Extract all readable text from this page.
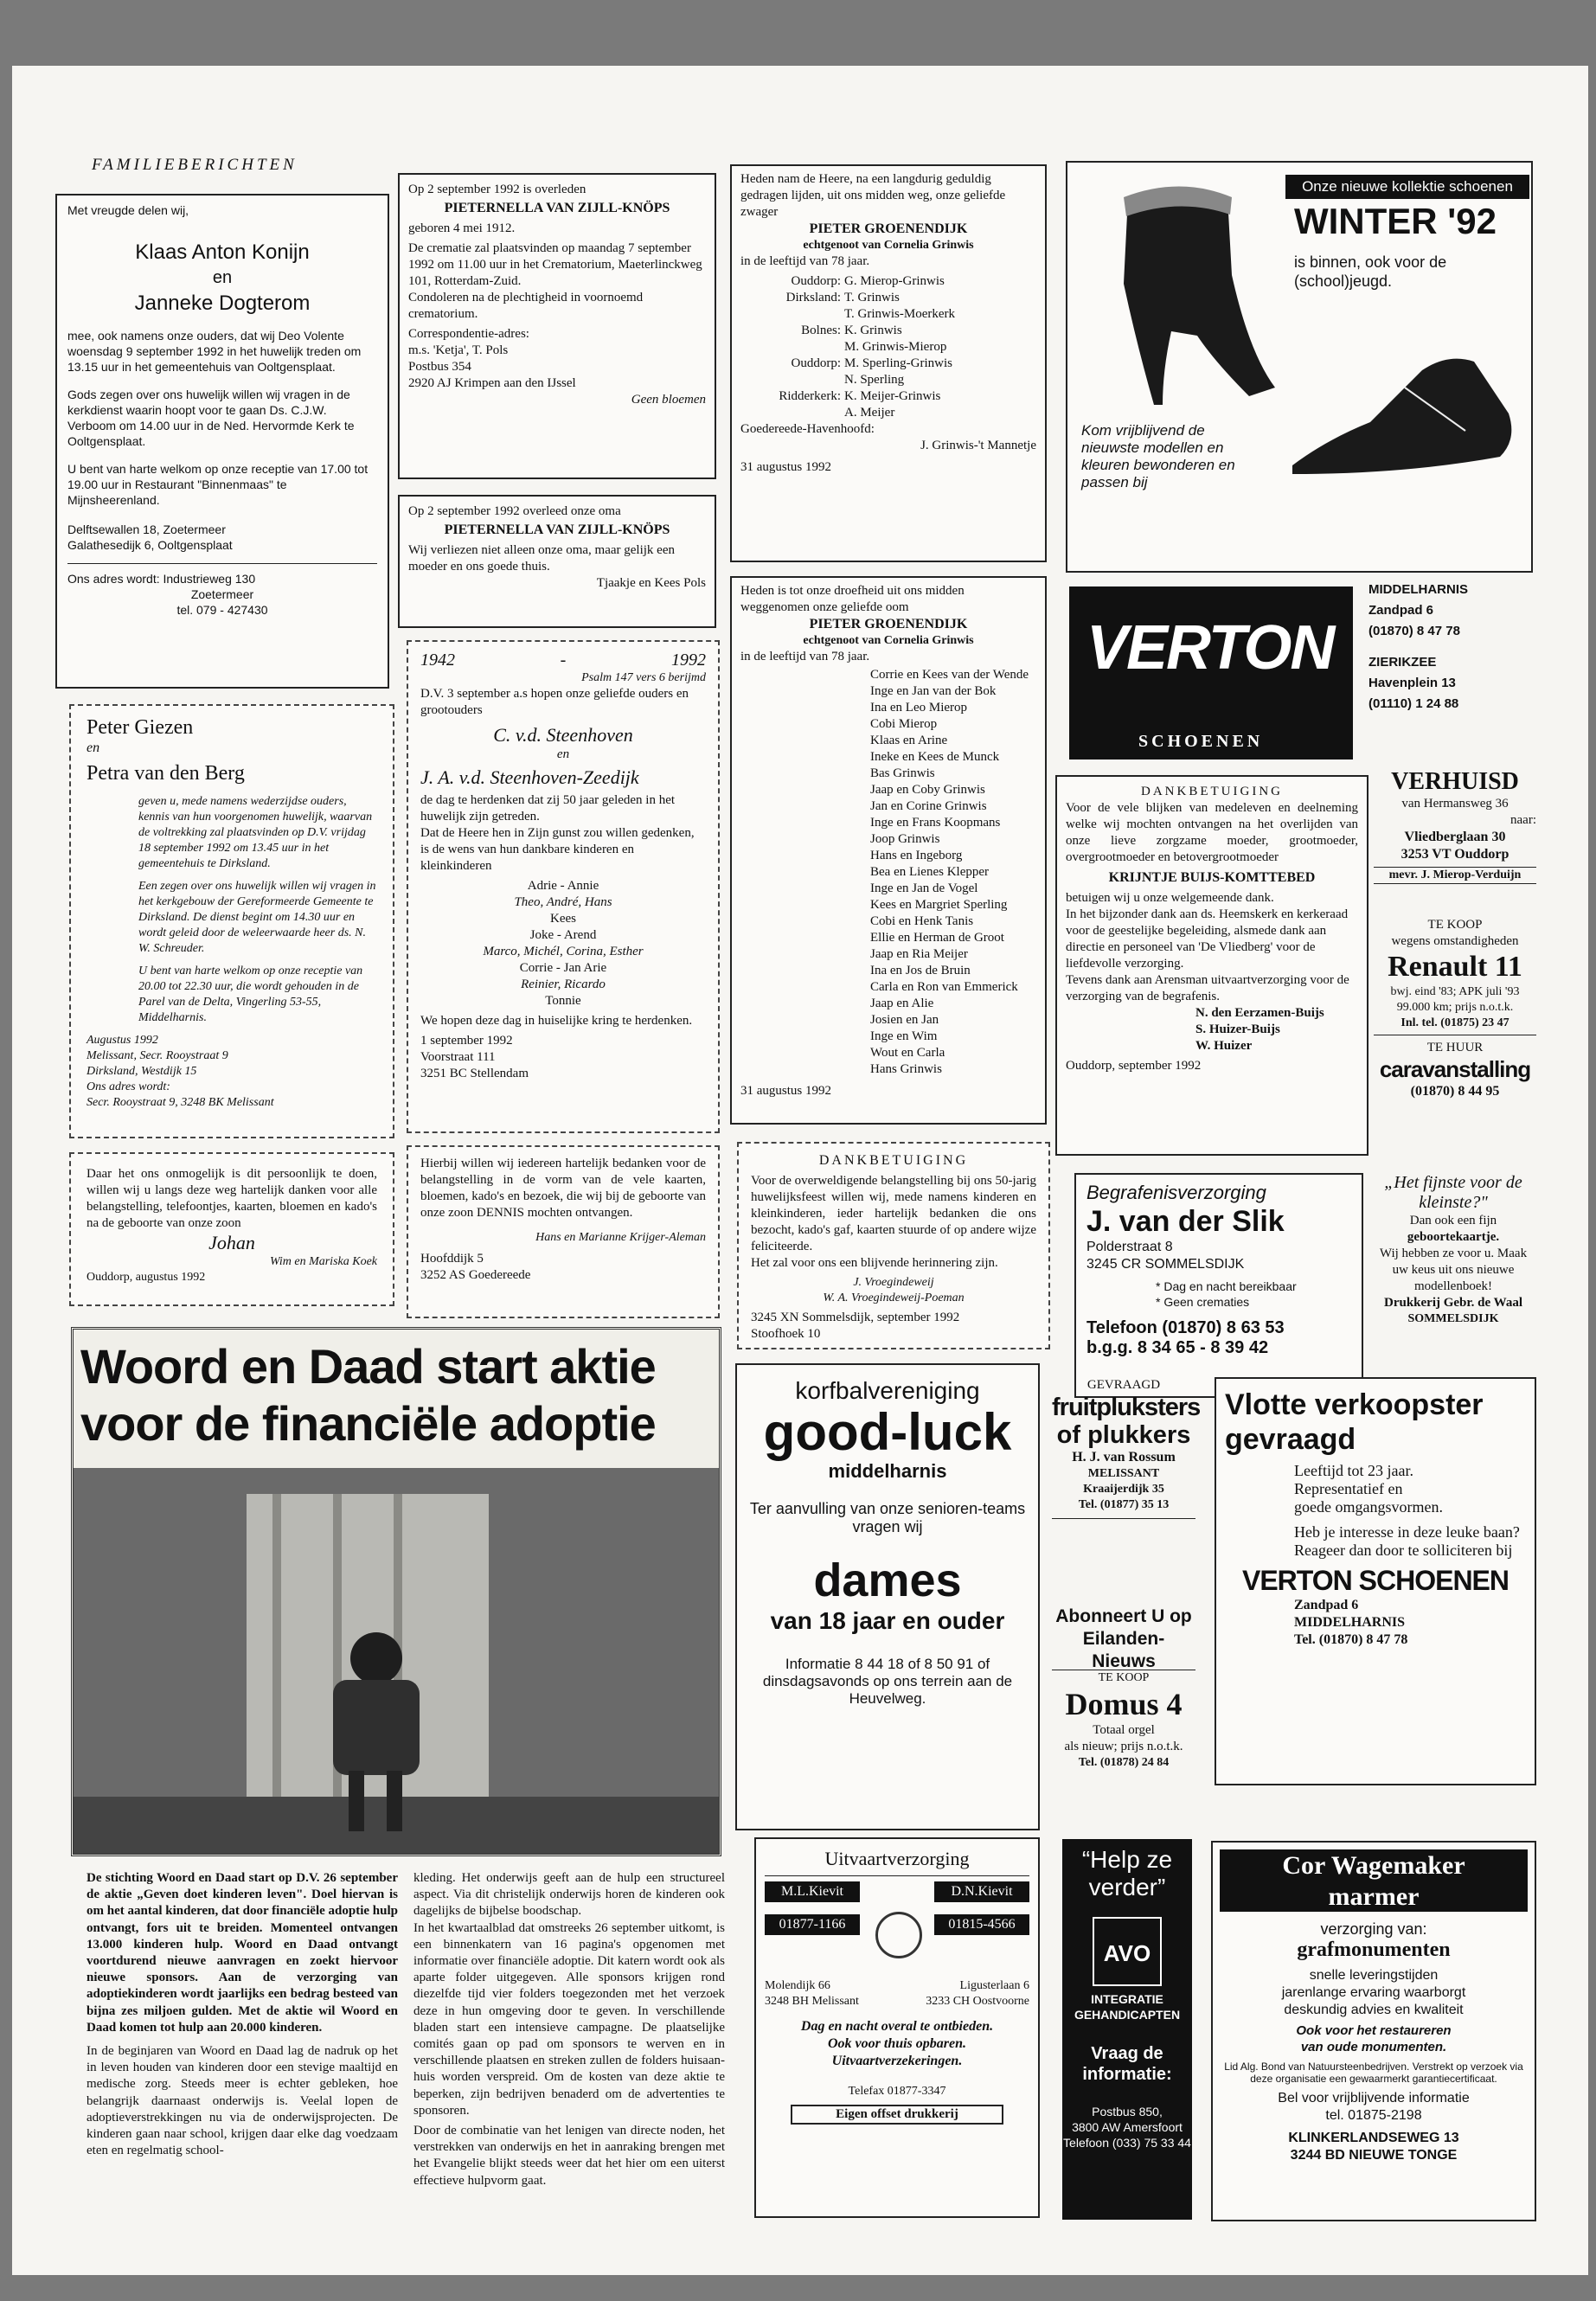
FAMILIEBERICHTEN
Met vreugde delen wij,
Klaas Anton Konijn
en
Janneke Dogterom
mee, ook namens onze ouders, dat wij Deo Volente woensdag 9 september 1992 in het huwelijk treden om 13.15 uur in het gemeentehuis van Ooltgensplaat.
Gods zegen over ons huwelijk willen wij vragen in de kerkdienst waarin hoopt voor te gaan Ds. C.J.W. Verboom om 14.00 uur in de Ned. Hervormde Kerk te Ooltgensplaat.
U bent van harte welkom op onze receptie van 17.00 tot 19.00 uur in Restaurant "Binnenmaas" te Mijnsheerenland.
Delftsewallen 18, Zoetermeer
Galathesedijk 6, Ooltgensplaat
Ons adres wordt:
Industrieweg 130
Zoetermeer
tel. 079 - 427430
Peter Giezen
en
Petra van den Berg
geven u, mede namens wederzijdse ouders, kennis van hun voorgenomen huwelijk, waarvan de voltrekking zal plaatsvinden op D.V. vrijdag 18 september 1992 om 13.45 uur in het gemeentehuis te Dirksland.
Een zegen over ons huwelijk willen wij vragen in het kerkgebouw der Gereformeerde Gemeente te Dirksland. De dienst begint om 14.30 uur en wordt geleid door de weleerwaarde heer ds. N. W. Schreuder.
U bent van harte welkom op onze receptie van 20.00 tot 22.30 uur, die wordt gehouden in de Parel van de Delta, Vingerling 53-55, Middelharnis.
Augustus 1992
Melissant, Secr. Rooystraat 9
Dirksland, Westdijk 15
Ons adres wordt:
Secr. Rooystraat 9, 3248 BK Melissant
Daar het ons onmogelijk is dit persoonlijk te doen, willen wij u langs deze weg hartelijk danken voor alle belangstelling, telefoontjes, kaarten, bloemen en kado's na de geboorte van onze zoon
Johan
Wim en Mariska Koek
Ouddorp, augustus 1992
Op 2 september 1992 is overleden
PIETERNELLA VAN ZIJLL-KNÖPS
geboren 4 mei 1912.
De crematie zal plaatsvinden op maandag 7 september 1992 om 11.00 uur in het Crematorium, Maeterlinckweg 101, Rotterdam-Zuid.
Condoleren na de plechtigheid in voornoemd crematorium.
Correspondentie-adres:
m.s. 'Ketja', T. Pols
Postbus 354
2920 AJ Krimpen aan den IJssel
Geen bloemen
Op 2 september 1992 overleed onze oma
PIETERNELLA VAN ZIJLL-KNÖPS
Wij verliezen niet alleen onze oma, maar gelijk een moeder en ons goede thuis.
Tjaakje en Kees Pols
1942	-	1992
Psalm 147 vers 6 berijmd
D.V. 3 september a.s hopen onze geliefde ouders en grootouders
C. v.d. Steenhoven
en
J. A. v.d. Steenhoven-Zeedijk
de dag te herdenken dat zij 50 jaar geleden in het huwelijk zijn getreden.
Dat de Heere hen in Zijn gunst zou willen gedenken, is de wens van hun dankbare kinderen en kleinkinderen
Adrie - Annie
Theo, André, Hans
Kees
Joke - Arend
Marco, Michél, Corina, Esther
Corrie - Jan Arie
Reinier, Ricardo
Tonnie
We hopen deze dag in huiselijke kring te herdenken.
1 september 1992
Voorstraat 111
3251 BC Stellendam
Hierbij willen wij iedereen hartelijk bedanken voor de belangstelling in de vorm van de vele kaarten, bloemen, kado's en bezoek, die wij bij de geboorte van onze zoon DENNIS mochten ontvangen.
Hans en Marianne Krijger-Aleman
Hoofddijk 5
3252 AS Goedereede
Heden nam de Heere, na een langdurig geduldig gedragen lijden, uit ons midden weg, onze geliefde zwager
PIETER GROENENDIJK
echtgenoot van Cornelia Grinwis
in de leeftijd van 78 jaar.
Ouddorp: G. Mierop-Grinwis
Dirksland: T. Grinwis
T. Grinwis-Moerkerk
Bolnes: K. Grinwis
M. Grinwis-Mierop
Ouddorp: M. Sperling-Grinwis
N. Sperling
Ridderkerk: K. Meijer-Grinwis
A. Meijer
Goedereede-Havenhoofd:
J. Grinwis-'t Mannetje
31 augustus 1992
Heden is tot onze droefheid uit ons midden weggenomen onze geliefde oom
PIETER GROENENDIJK
echtgenoot van Cornelia Grinwis
in de leeftijd van 78 jaar.
Corrie en Kees van der Wende
Inge en Jan van der Bok
Ina en Leo Mierop
Cobi Mierop
Klaas en Arine
Ineke en Kees de Munck
Bas Grinwis
Jaap en Coby Grinwis
Jan en Corine Grinwis
Inge en Frans Koopmans
Joop Grinwis
Hans en Ingeborg
Bea en Lienes Klepper
Inge en Jan de Vogel
Kees en Margriet Sperling
Cobi en Henk Tanis
Ellie en Herman de Groot
Jaap en Ria Meijer
Ina en Jos de Bruin
Carla en Ron van Emmerick
Jaap en Alie
Josien en Jan
Inge en Wim
Wout en Carla
Hans Grinwis
31 augustus 1992
DANKBETUIGING
Voor de overweldigende belangstelling bij ons 50-jarig huwelijksfeest willen wij, mede namens kinderen en kleinkinderen, ieder hartelijk bedanken die ons bezocht, kado's gaf, kaarten stuurde of op andere wijze feliciteerde.
Het zal voor ons een blijvende herinnering zijn.
J. Vroegindeweij
W. A. Vroegindeweij-Poeman
3245 XN Sommelsdijk, september 1992
Stoofhoek 10
Onze nieuwe kollektie schoenen
WINTER '92
is binnen, ook voor de (school)jeugd.
Kom vrijblijvend de nieuwste modellen en kleuren bewonderen en passen bij
VERTON
SCHOENEN
MIDDELHARNIS
Zandpad 6
(01870) 8 47 78
ZIERIKZEE
Havenplein 13
(01110) 1 24 88
DANKBETUIGING
Voor de vele blijken van medeleven en deelneming welke wij mochten ontvangen na het overlijden van onze lieve zorgzame moeder, grootmoeder, overgrootmoeder en betovergrootmoeder
KRIJNTJE BUIJS-KOMTTEBED
betuigen wij u onze welgemeende dank.
In het bijzonder dank aan ds. Heemskerk en kerkeraad voor de geestelijke begeleiding, alsmede dank aan directie en personeel van 'De Vliedberg' voor de liefdevolle verzorging.
Tevens dank aan Arensman uitvaartverzorging voor de verzorging van de begrafenis.
N. den Eerzamen-Buijs
S. Huizer-Buijs
W. Huizer
Ouddorp, september 1992
VERHUISD
van Hermansweg 36
naar:
Vliedberglaan 30
3253 VT Ouddorp
mevr. J. Mierop-Verduijn
TE KOOP
wegens omstandigheden
Renault 11
bwj. eind '83; APK juli '93 99.000 km; prijs n.o.t.k.
Inl. tel. (01875) 23 47
TE HUUR
caravanstalling
(01870) 8 44 95
Begrafenisverzorging
J. van der Slik
Polderstraat 8
3245 CR SOMMELSDIJK
* Dag en nacht bereikbaar
* Geen crematies
Telefoon (01870) 8 63 53
b.g.g. 8 34 65 - 8 39 42
„Het fijnste voor de kleinste?"
Dan ook een fijn
geboortekaartje.
Wij hebben ze voor u. Maak uw keus uit ons nieuwe modellenboek!
Drukkerij Gebr. de Waal
SOMMELSDIJK
Woord en Daad start aktie
voor de financiële adoptie
De stichting Woord en Daad start op D.V. 26 september de aktie „Geven doet kinderen leven". Doel hiervan is om het aantal kinderen, dat door financiële adoptie hulp ontvangt, fors uit te breiden. Momenteel ontvangen 13.000 kinderen hulp. Woord en Daad ontvangt voortdurend nieuwe aanvragen en zoekt hiervoor nieuwe sponsors. Aan de verzorging van adoptiekinderen wordt jaarlijks een bedrag besteed van bijna zes miljoen gulden. Met de aktie wil Woord en Daad komen tot hulp aan 20.000 kinderen.
In de beginjaren van Woord en Daad lag de nadruk op het in leven houden van kinderen door een stevige maaltijd en medische zorg. Steeds meer is echter gebleken, hoe belangrijk daarnaast onderwijs is. Veelal lopen de adoptieverstrekkingen nu via de onderwijsprojecten. De kinderen gaan naar school, krijgen daar elke dag voedzaam eten en regelmatig school-
kleding. Het onderwijs geeft aan de hulp een structureel aspect. Via dit christelijk onderwijs horen de kinderen ook dagelijks de bijbelse boodschap.
In het kwartaalblad dat omstreeks 26 september uitkomt, is een binnenkatern van 16 pagina's opgenomen met informatie over financiële adoptie. Dit katern wordt ook als aparte folder uitgegeven. Alle sponsors krijgen rond diezelfde tijd vier folders toegezonden met het verzoek deze in hun omgeving door te geven. In verschillende bladen start een intensieve campagne. De plaatselijke comités gaan op pad om sponsors te werven en in verschillende plaatsen en streken zullen de folders huisaan-huis worden verspreid. Om de kosten van deze aktie te beperken, zijn bedrijven benaderd om de advertenties te sponsoren.
Door de combinatie van het lenigen van directe noden, het verstrekken van onderwijs en het in aanraking brengen met het Evangelie blijkt steeds weer dat het hier om een uiterst effectieve hulpvorm gaat.
korfbalvereniging
good-luck
middelharnis
Ter aanvulling van onze senioren-teams vragen wij
dames
van 18 jaar en ouder
Informatie 8 44 18 of 8 50 91 of dinsdagsavonds op ons terrein aan de Heuvelweg.
GEVRAAGD
fruitpluksters
of plukkers
H. J. van Rossum
MELISSANT
Kraaijerdijk 35
Tel. (01877) 35 13
Abonneert U op
Eilanden-Nieuws
TE KOOP
Domus 4
Totaal orgel
als nieuw; prijs n.o.t.k.
Tel. (01878) 24 84
Vlotte verkoopster
gevraagd
Leeftijd tot 23 jaar.
Representatief en
goede omgangsvormen.
Heb je interesse in deze leuke baan?
Reageer dan door te solliciteren bij
VERTON SCHOENEN
Zandpad 6
MIDDELHARNIS
Tel. (01870) 8 47 78
Uitvaartverzorging
M.L.Kievit	D.N.Kievit
01877-1166	01815-4566
Molendijk 66
3248 BH Melissant
Ligusterlaan 6
3233 CH Oostvoorne
Dag en nacht overal te ontbieden.
Ook voor thuis opbaren.
Uitvaartverzekeringen.
Telefax 01877-3347
Eigen offset drukkerij
“Help ze verder”
AVO
INTEGRATIE
GEHANDICAPTEN
Vraag de informatie:
Postbus 850,
3800 AW Amersfoort
Telefoon (033) 75 33 44
Cor Wagemaker
marmer
verzorging van:
grafmonumenten
snelle leveringstijden
jarenlange ervaring waarborgt
deskundig advies en kwaliteit
Ook voor het restaureren
van oude monumenten.
Lid Alg. Bond van Natuursteenbedrijven. Verstrekt op verzoek via deze organisatie een gewaarmerkt garantiecertificaat.
Bel voor vrijblijvende informatie
tel. 01875-2198
KLINKERLANDSEWEG 13
3244 BD NIEUWE TONGE
